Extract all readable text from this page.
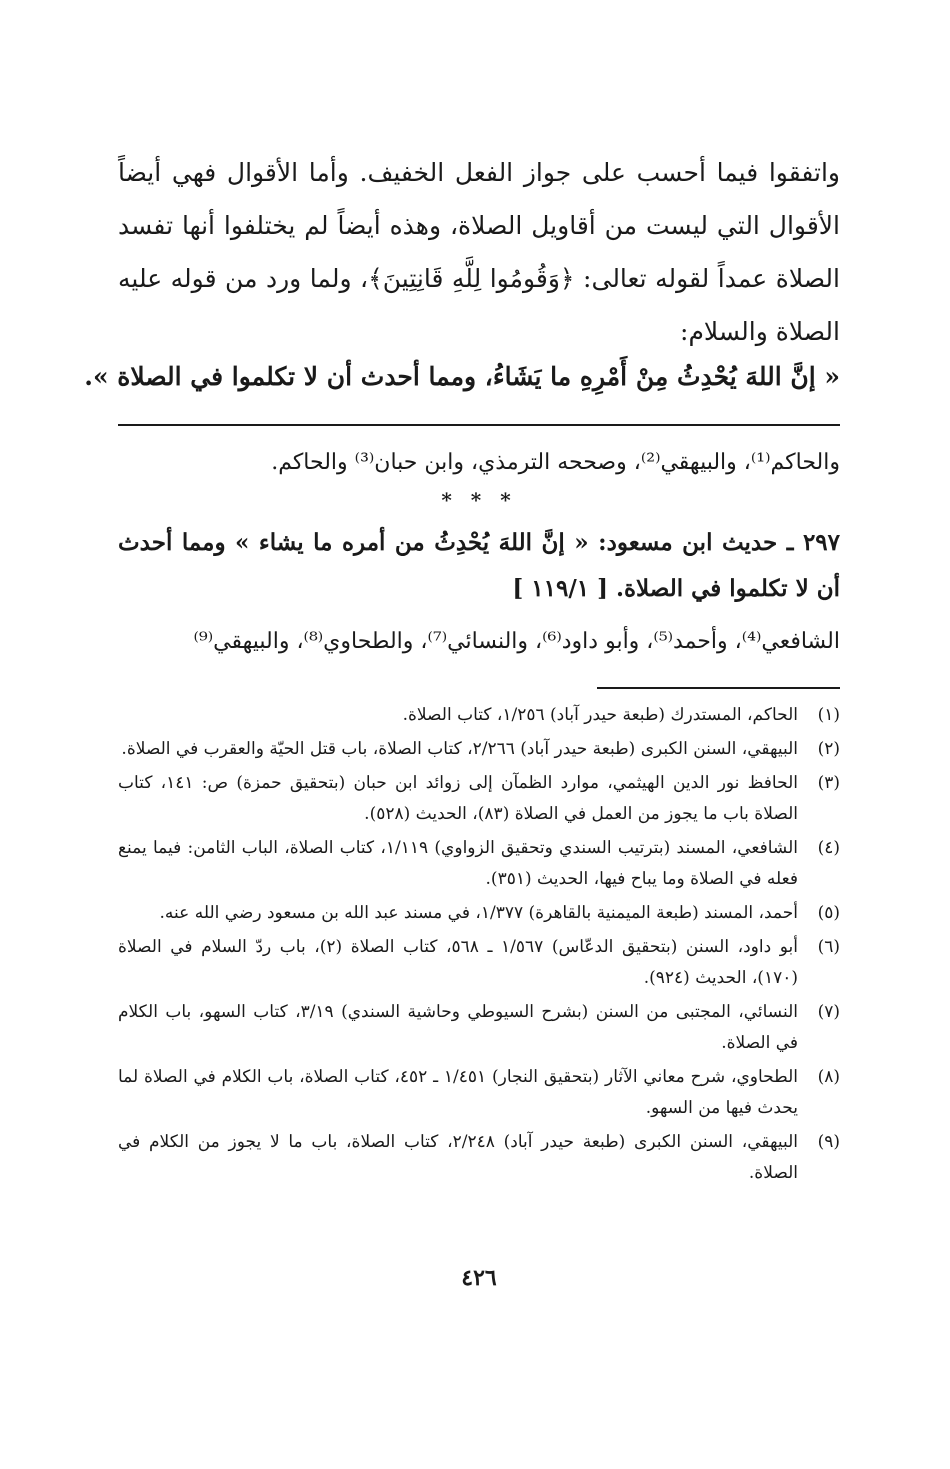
واتفقوا فيما أحسب على جواز الفعل الخفيف. وأما الأقوال فهي أيضاً الأقوال التي ليست من أقاويل الصلاة، وهذه أيضاً لم يختلفوا أنها تفسد الصلاة عمداً لقوله تعالى: ﴿وَقُومُوا لِلَّهِ قَانِتِينَ﴾، ولما ورد من قوله عليه الصلاة والسلام:

« إنَّ اللهَ يُحْدِثُ مِنْ أَمْرِهِ ما يَشَاءُ، ومما أحدث أن لا تكلموا في الصلاة ».

والحاكم⁽¹⁾، والبيهقي⁽²⁾، وصححه الترمذي، وابن حبان⁽³⁾ والحاكم.

* * *

٢٩٧ ـ حديث ابن مسعود: « إنَّ اللهَ يُحْدِثُ من أمره ما يشاء » ومما أحدث أن لا تكلموا في الصلاة. [ ١١٩/١ ]

الشافعي⁽⁴⁾، وأحمد⁽⁵⁾، وأبو داود⁽⁶⁾، والنسائي⁽⁷⁾، والطحاوي⁽⁸⁾، والبيهقي⁽⁹⁾

(١)
الحاكم، المستدرك (طبعة حيدر آباد) ١/٢٥٦، كتاب الصلاة.

(٢)
البيهقي، السنن الكبرى (طبعة حيدر آباد) ٢/٢٦٦، كتاب الصلاة، باب قتل الحيّة والعقرب في الصلاة.

(٣)
الحافظ نور الدين الهيثمي، موارد الظمآن إلى زوائد ابن حبان (بتحقيق حمزة) ص: ١٤١، كتاب الصلاة باب ما يجوز من العمل في الصلاة (٨٣)، الحديث (٥٢٨).

(٤)
الشافعي، المسند (بترتيب السندي وتحقيق الزواوي) ١/١١٩، كتاب الصلاة، الباب الثامن: فيما يمنع فعله في الصلاة وما يباح فيها، الحديث (٣٥١).

(٥)
أحمد، المسند (طبعة الميمنية بالقاهرة) ١/٣٧٧، في مسند عبد الله بن مسعود رضي الله عنه.

(٦)
أبو داود، السنن (بتحقيق الدعّاس) ١/٥٦٧ ـ ٥٦٨، كتاب الصلاة (٢)، باب ردّ السلام في الصلاة (١٧٠)، الحديث (٩٢٤).

(٧)
النسائي، المجتبى من السنن (بشرح السيوطي وحاشية السندي) ٣/١٩، كتاب السهو، باب الكلام في الصلاة.

(٨)
الطحاوي، شرح معاني الآثار (بتحقيق النجار) ١/٤٥١ ـ ٤٥٢، كتاب الصلاة، باب الكلام في الصلاة لما يحدث فيها من السهو.

(٩)
البيهقي، السنن الكبرى (طبعة حيدر آباد) ٢/٢٤٨، كتاب الصلاة، باب ما لا يجوز من الكلام في الصلاة.

٤٢٦
